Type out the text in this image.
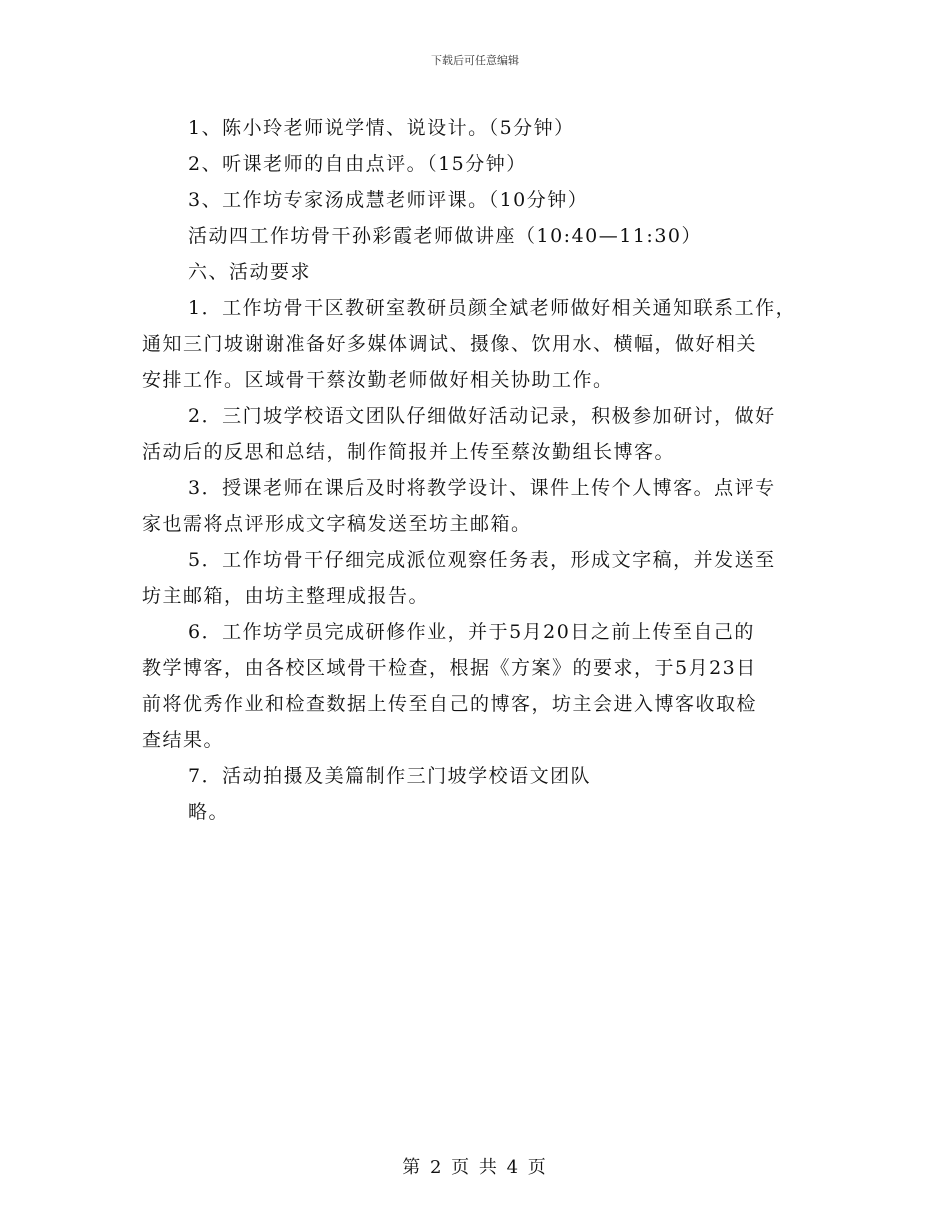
下载后可任意编辑
1、陈小玲老师说学情、说设计。（5分钟）
2、听课老师的自由点评。（15分钟）
3、工作坊专家汤成慧老师评课。（10分钟）
活动四工作坊骨干孙彩霞老师做讲座（10:40—11:30）
六、活动要求
1．工作坊骨干区教研室教研员颜全斌老师做好相关通知联系工作，
通知三门坡谢谢准备好多媒体调试、摄像、饮用水、横幅，做好相关
安排工作。区域骨干蔡汝勤老师做好相关协助工作。
2．三门坡学校语文团队仔细做好活动记录，积极参加研讨，做好
活动后的反思和总结，制作简报并上传至蔡汝勤组长博客。
3．授课老师在课后及时将教学设计、课件上传个人博客。点评专
家也需将点评形成文字稿发送至坊主邮箱。
5．工作坊骨干仔细完成派位观察任务表，形成文字稿，并发送至
坊主邮箱，由坊主整理成报告。
6．工作坊学员完成研修作业，并于5月20日之前上传至自己的
教学博客，由各校区域骨干检查，根据《方案》的要求，于5月23日
前将优秀作业和检查数据上传至自己的博客，坊主会进入博客收取检
查结果。
7．活动拍摄及美篇制作三门坡学校语文团队
略。
第 2 页 共 4 页
